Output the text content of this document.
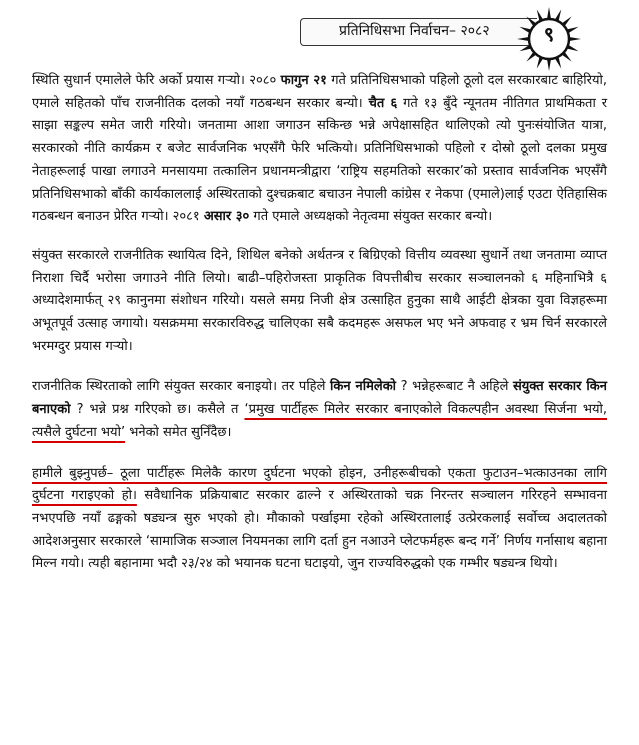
प्रतिनिधिसभा निर्वाचन– २०८२	९

स्थिति सुधार्न एमालेले फेरि अर्को प्रयास गऱ्यो। २०८० फागुन २१ गते प्रतिनिधिसभाको पहिलो ठूलो दल सरकारबाट बाहिरियो, एमाले सहितको पाँच राजनीतिक दलको नयाँ गठबन्धन सरकार बन्यो। चैत ६ गते १३ बुँदे न्यूनतम नीतिगत प्राथमिकता र साझा सङ्कल्प समेत जारी गरियो। जनतामा आशा जगाउन सकिन्छ भन्ने अपेक्षासहित थालिएको त्यो पुनःसंयोजित यात्रा, सरकारको नीति कार्यक्रम र बजेट सार्वजनिक भएसँगै फेरि भत्कियो। प्रतिनिधिसभाको पहिलो र दोस्रो ठूलो दलका प्रमुख नेताहरूलाई पाखा लगाउने मनसायमा तत्कालिन प्रधानमन्त्रीद्वारा ‘राष्ट्रिय सहमतिको सरकार’को प्रस्ताव सार्वजनिक भएसँगै प्रतिनिधिसभाको बाँकी कार्यकाललाई अस्थिरताको दुश्चक्रबाट बचाउन नेपाली कांग्रेस र नेकपा (एमाले)लाई एउटा ऐतिहासिक गठबन्धन बनाउन प्रेरित गऱ्यो। २०८१ असार ३० गते एमाले अध्यक्षको नेतृत्वमा संयुक्त सरकार बन्यो।

संयुक्त सरकारले राजनीतिक स्थायित्व दिने, शिथिल बनेको अर्थतन्त्र र बिग्रिएको वित्तीय व्यवस्था सुधार्ने तथा जनतामा व्याप्त निराशा चिर्दै भरोसा जगाउने नीति लियो। बाढी–पहिरोजस्ता प्राकृतिक विपत्तीबीच सरकार सञ्चालनको ६ महिनाभित्रै ६ अध्यादेशमार्फत् २९ कानुनमा संशोधन गरियो। यसले समग्र निजी क्षेत्र उत्साहित हुनुका साथै आईटी क्षेत्रका युवा विज्ञहरूमा अभूतपूर्व उत्साह जगायो। यसक्रममा सरकारविरुद्ध चालिएका सबै कदमहरू असफल भए भने अफवाह र भ्रम चिर्न सरकारले भरमग्दुर प्रयास गऱ्यो।

राजनीतिक स्थिरताको लागि संयुक्त सरकार बनाइयो। तर पहिले किन नमिलेको ? भन्नेहरूबाट नै अहिले संयुक्त सरकार किन बनाएको ? भन्ने प्रश्न गरिएको छ। कसैले त ‘प्रमुख पार्टीहरू मिलेर सरकार बनाएकोले विकल्पहीन अवस्था सिर्जना भयो, त्यसैले दुर्घटना भयो’ भनेको समेत सुनिँदैछ।

हामीले बुझ्नुपर्छ– ठूला पार्टीहरू मिलेकै कारण दुर्घटना भएको होइन, उनीहरूबीचको एकता फुटाउन–भत्काउनका लागि दुर्घटना गराइएको हो। सवैधानिक प्रक्रियाबाट सरकार ढाल्ने र अस्थिरताको चक्र निरन्तर सञ्चालन गरिरहने सम्भावना नभएपछि नयाँ ढङ्गको षड्यन्त्र सुरु भएको हो। मौकाको पर्खाइमा रहेको अस्थिरतालाई उत्प्रेरकलाई सर्वोच्च अदालतको आदेशअनुसार सरकारले ‘सामाजिक सञ्जाल नियमनका लागि दर्ता हुन नआउने प्लेटफर्महरू बन्द गर्ने’ निर्णय गर्नासाथ बहाना मिल्न गयो। त्यही बहानामा भदौ २३/२४ को भयानक घटना घटाइयो, जुन राज्यविरुद्धको एक गम्भीर षड्यन्त्र थियो।
